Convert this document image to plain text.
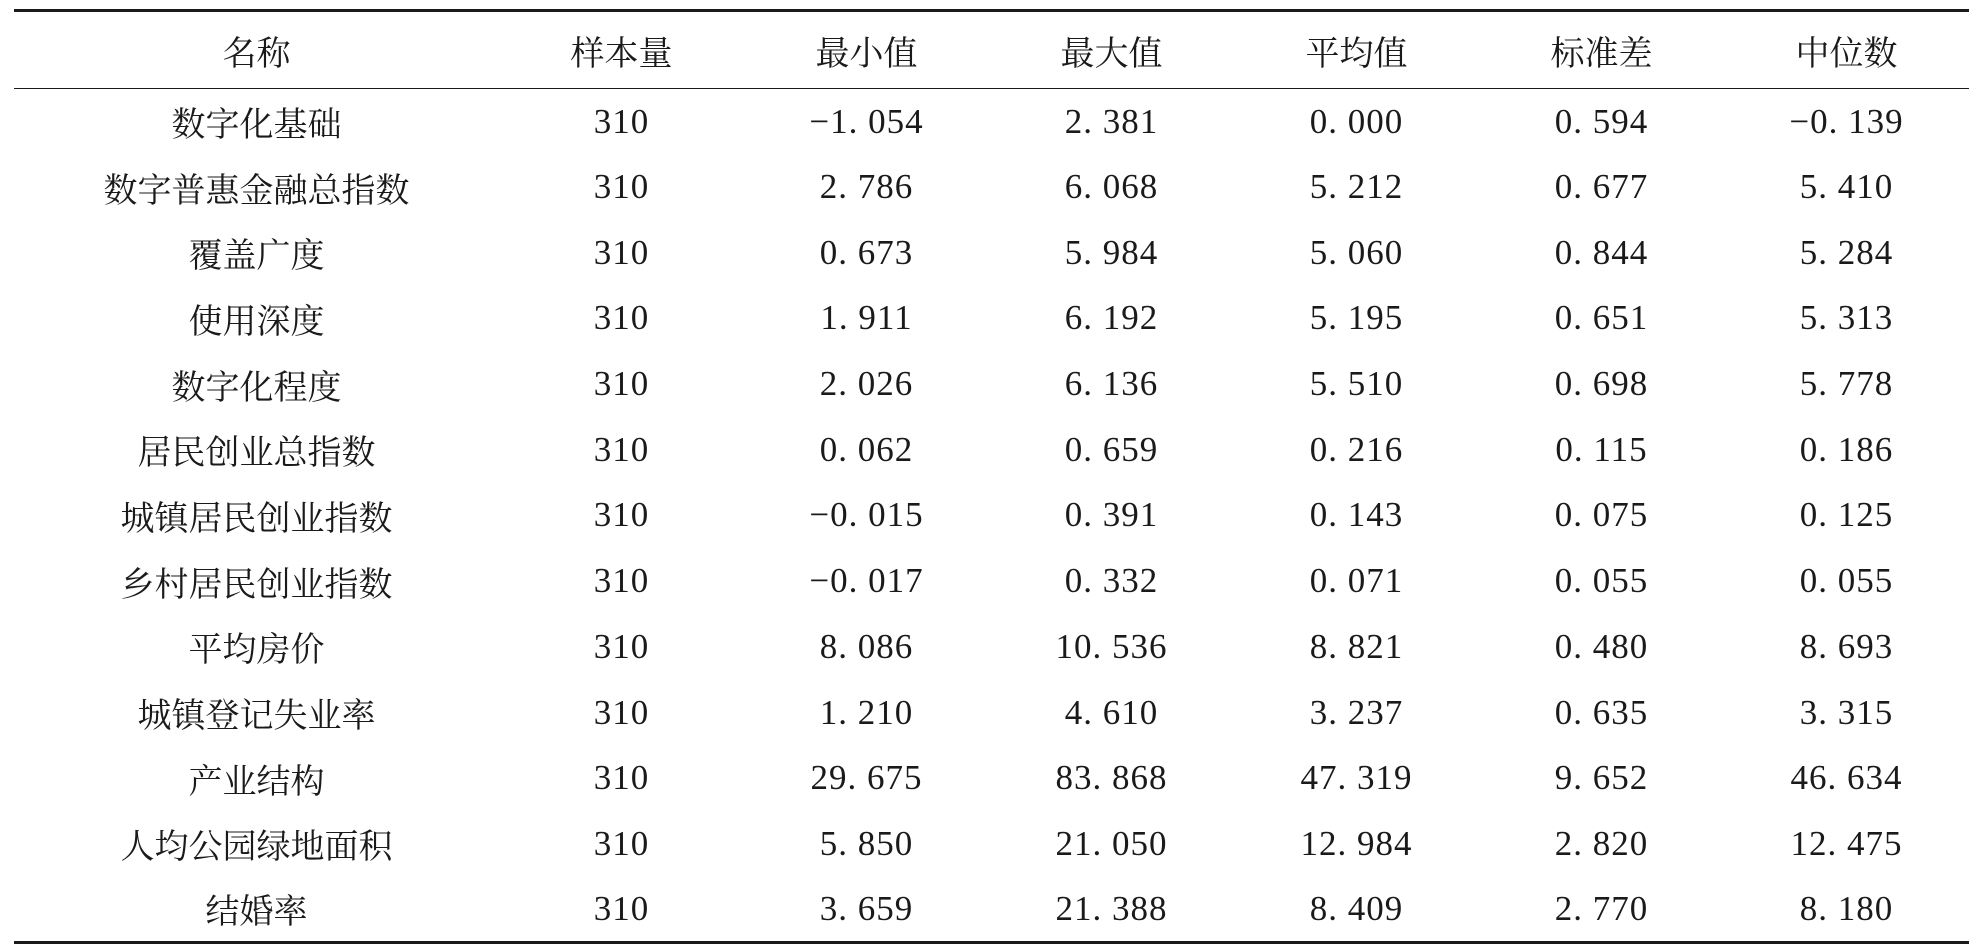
名称	样本量	最小值	最大值	平均值	标准差	中位数
数字化基础	310	−1. 054	2. 381	0. 000	0. 594	−0. 139
数字普惠金融总指数	310	2. 786	6. 068	5. 212	0. 677	5. 410
覆盖广度	310	0. 673	5. 984	5. 060	0. 844	5. 284
使用深度	310	1. 911	6. 192	5. 195	0. 651	5. 313
数字化程度	310	2. 026	6. 136	5. 510	0. 698	5. 778
居民创业总指数	310	0. 062	0. 659	0. 216	0. 115	0. 186
城镇居民创业指数	310	−0. 015	0. 391	0. 143	0. 075	0. 125
乡村居民创业指数	310	−0. 017	0. 332	0. 071	0. 055	0. 055
平均房价	310	8. 086	10. 536	8. 821	0. 480	8. 693
城镇登记失业率	310	1. 210	4. 610	3. 237	0. 635	3. 315
产业结构	310	29. 675	83. 868	47. 319	9. 652	46. 634
人均公园绿地面积	310	5. 850	21. 050	12. 984	2. 820	12. 475
结婚率	310	3. 659	21. 388	8. 409	2. 770	8. 180
